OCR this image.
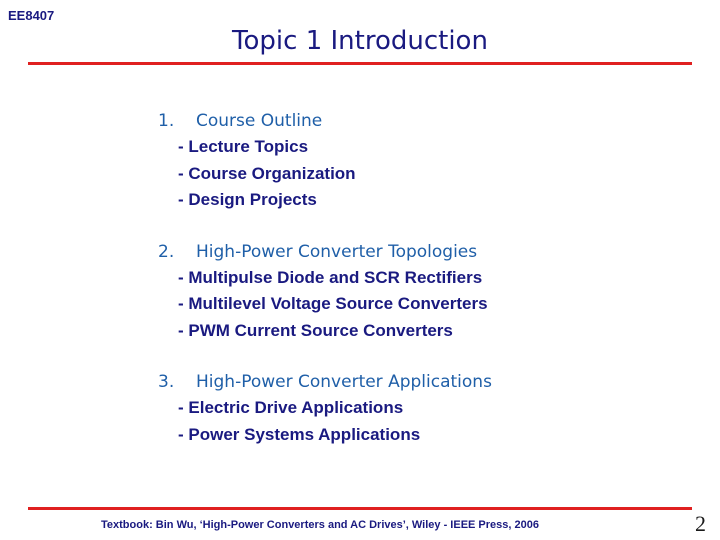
EE8407
Topic 1 Introduction
1. Course Outline
- Lecture Topics
- Course Organization
- Design Projects
2. High-Power Converter Topologies
- Multipulse Diode and SCR Rectifiers
- Multilevel Voltage Source Converters
- PWM Current Source Converters
3. High-Power Converter Applications
- Electric Drive Applications
- Power Systems Applications
Textbook: Bin Wu, ‘High-Power Converters and AC Drives’, Wiley - IEEE Press, 2006	2
